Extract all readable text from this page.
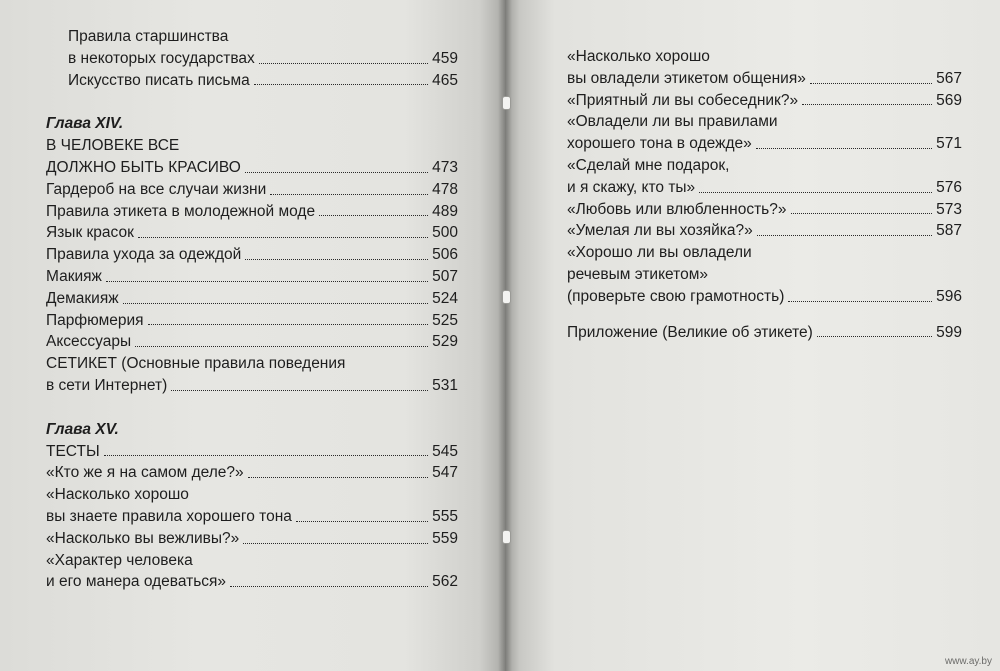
Правила старшинства
в некоторых государствах	459
Искусство писать письма	465
Глава XIV.
В ЧЕЛОВЕКЕ ВСЕ
ДОЛЖНО БЫТЬ КРАСИВО	473
Гардероб на все случаи жизни	478
Правила этикета в молодежной моде	489
Язык красок	500
Правила ухода за одеждой	506
Макияж	507
Демакияж	524
Парфюмерия	525
Аксессуары	529
СЕТИКЕТ (Основные правила поведения
в сети Интернет)	531
Глава XV.
ТЕСТЫ	545
«Кто же я на самом деле?»	547
«Насколько хорошо
вы знаете правила хорошего тона	555
«Насколько вы вежливы?»	559
«Характер человека
и его манера одеваться»	562
«Насколько хорошо
вы овладели этикетом общения»	567
«Приятный ли вы собеседник?»	569
«Овладели ли вы правилами
хорошего тона в одежде»	571
«Сделай мне подарок,
и я скажу, кто ты»	576
«Любовь или влюбленность?»	573
«Умелая ли вы хозяйка?»	587
«Хорошо ли вы овладели
речевым этикетом»
(проверьте свою грамотность)	596
Приложение (Великие об этикете)	599
www.ay.by
